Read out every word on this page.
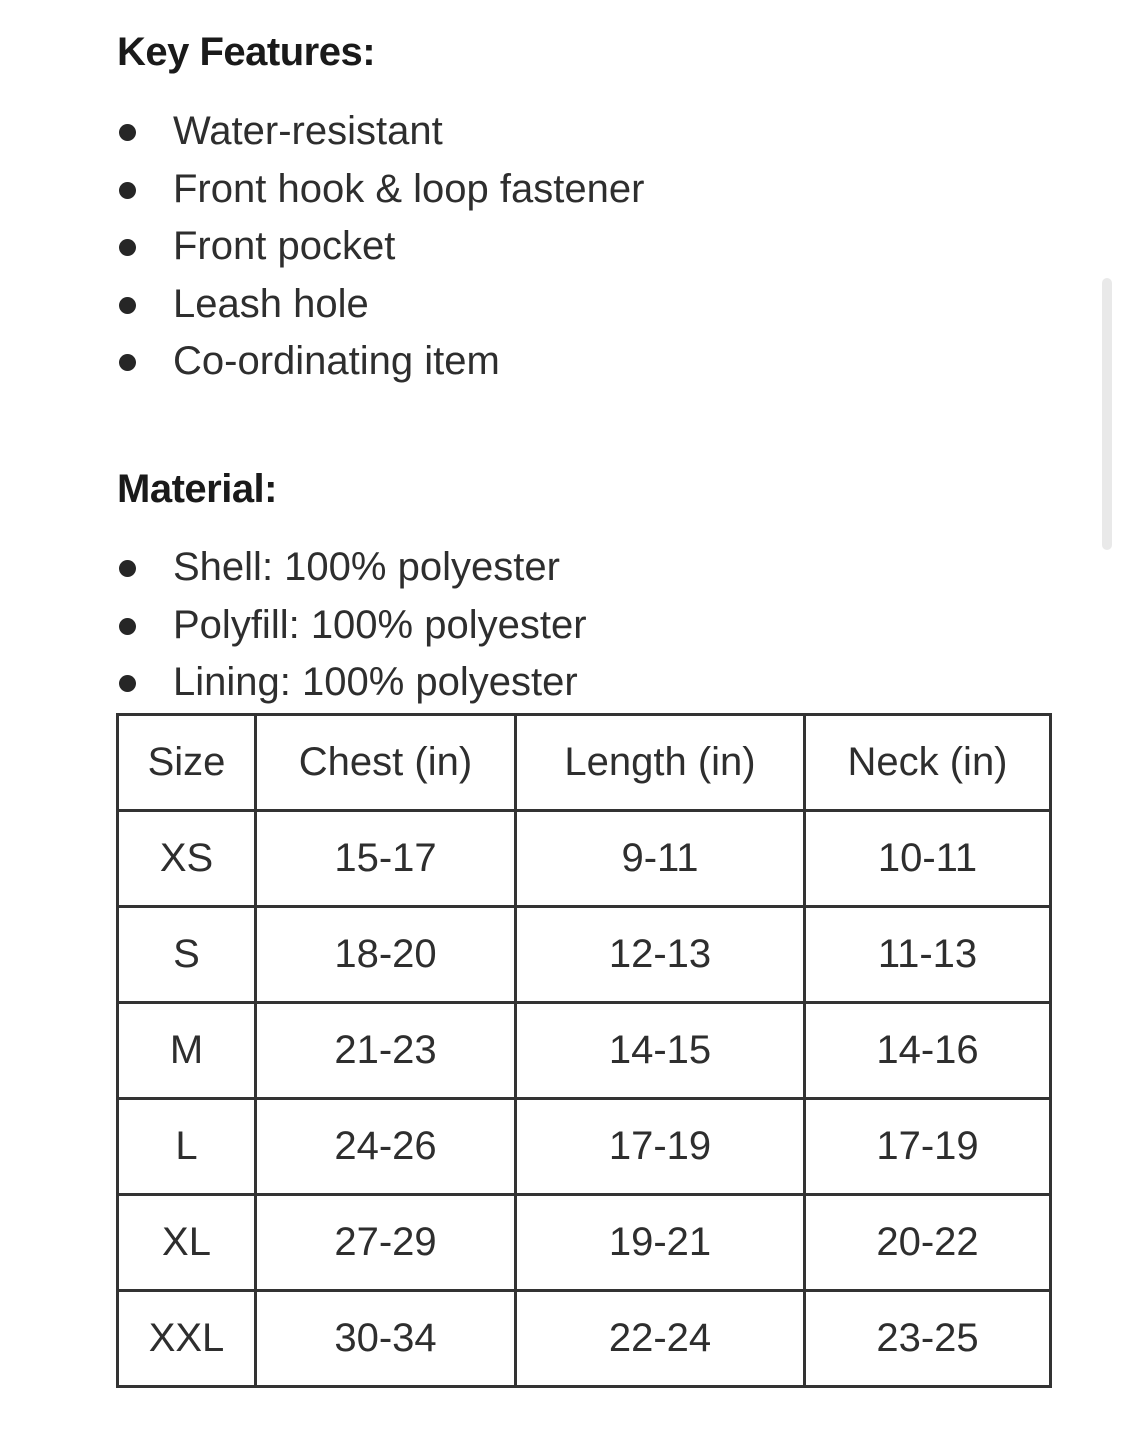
Key Features:
Water-resistant
Front hook & loop fastener
Front pocket
Leash hole
Co-ordinating item
Material:
Shell: 100% polyester
Polyfill: 100% polyester
Lining: 100% polyester
Size	Chest (in)	Length (in)	Neck (in)
XS	15-17	9-11	10-11
S	18-20	12-13	11-13
M	21-23	14-15	14-16
L	24-26	17-19	17-19
XL	27-29	19-21	20-22
XXL	30-34	22-24	23-25
